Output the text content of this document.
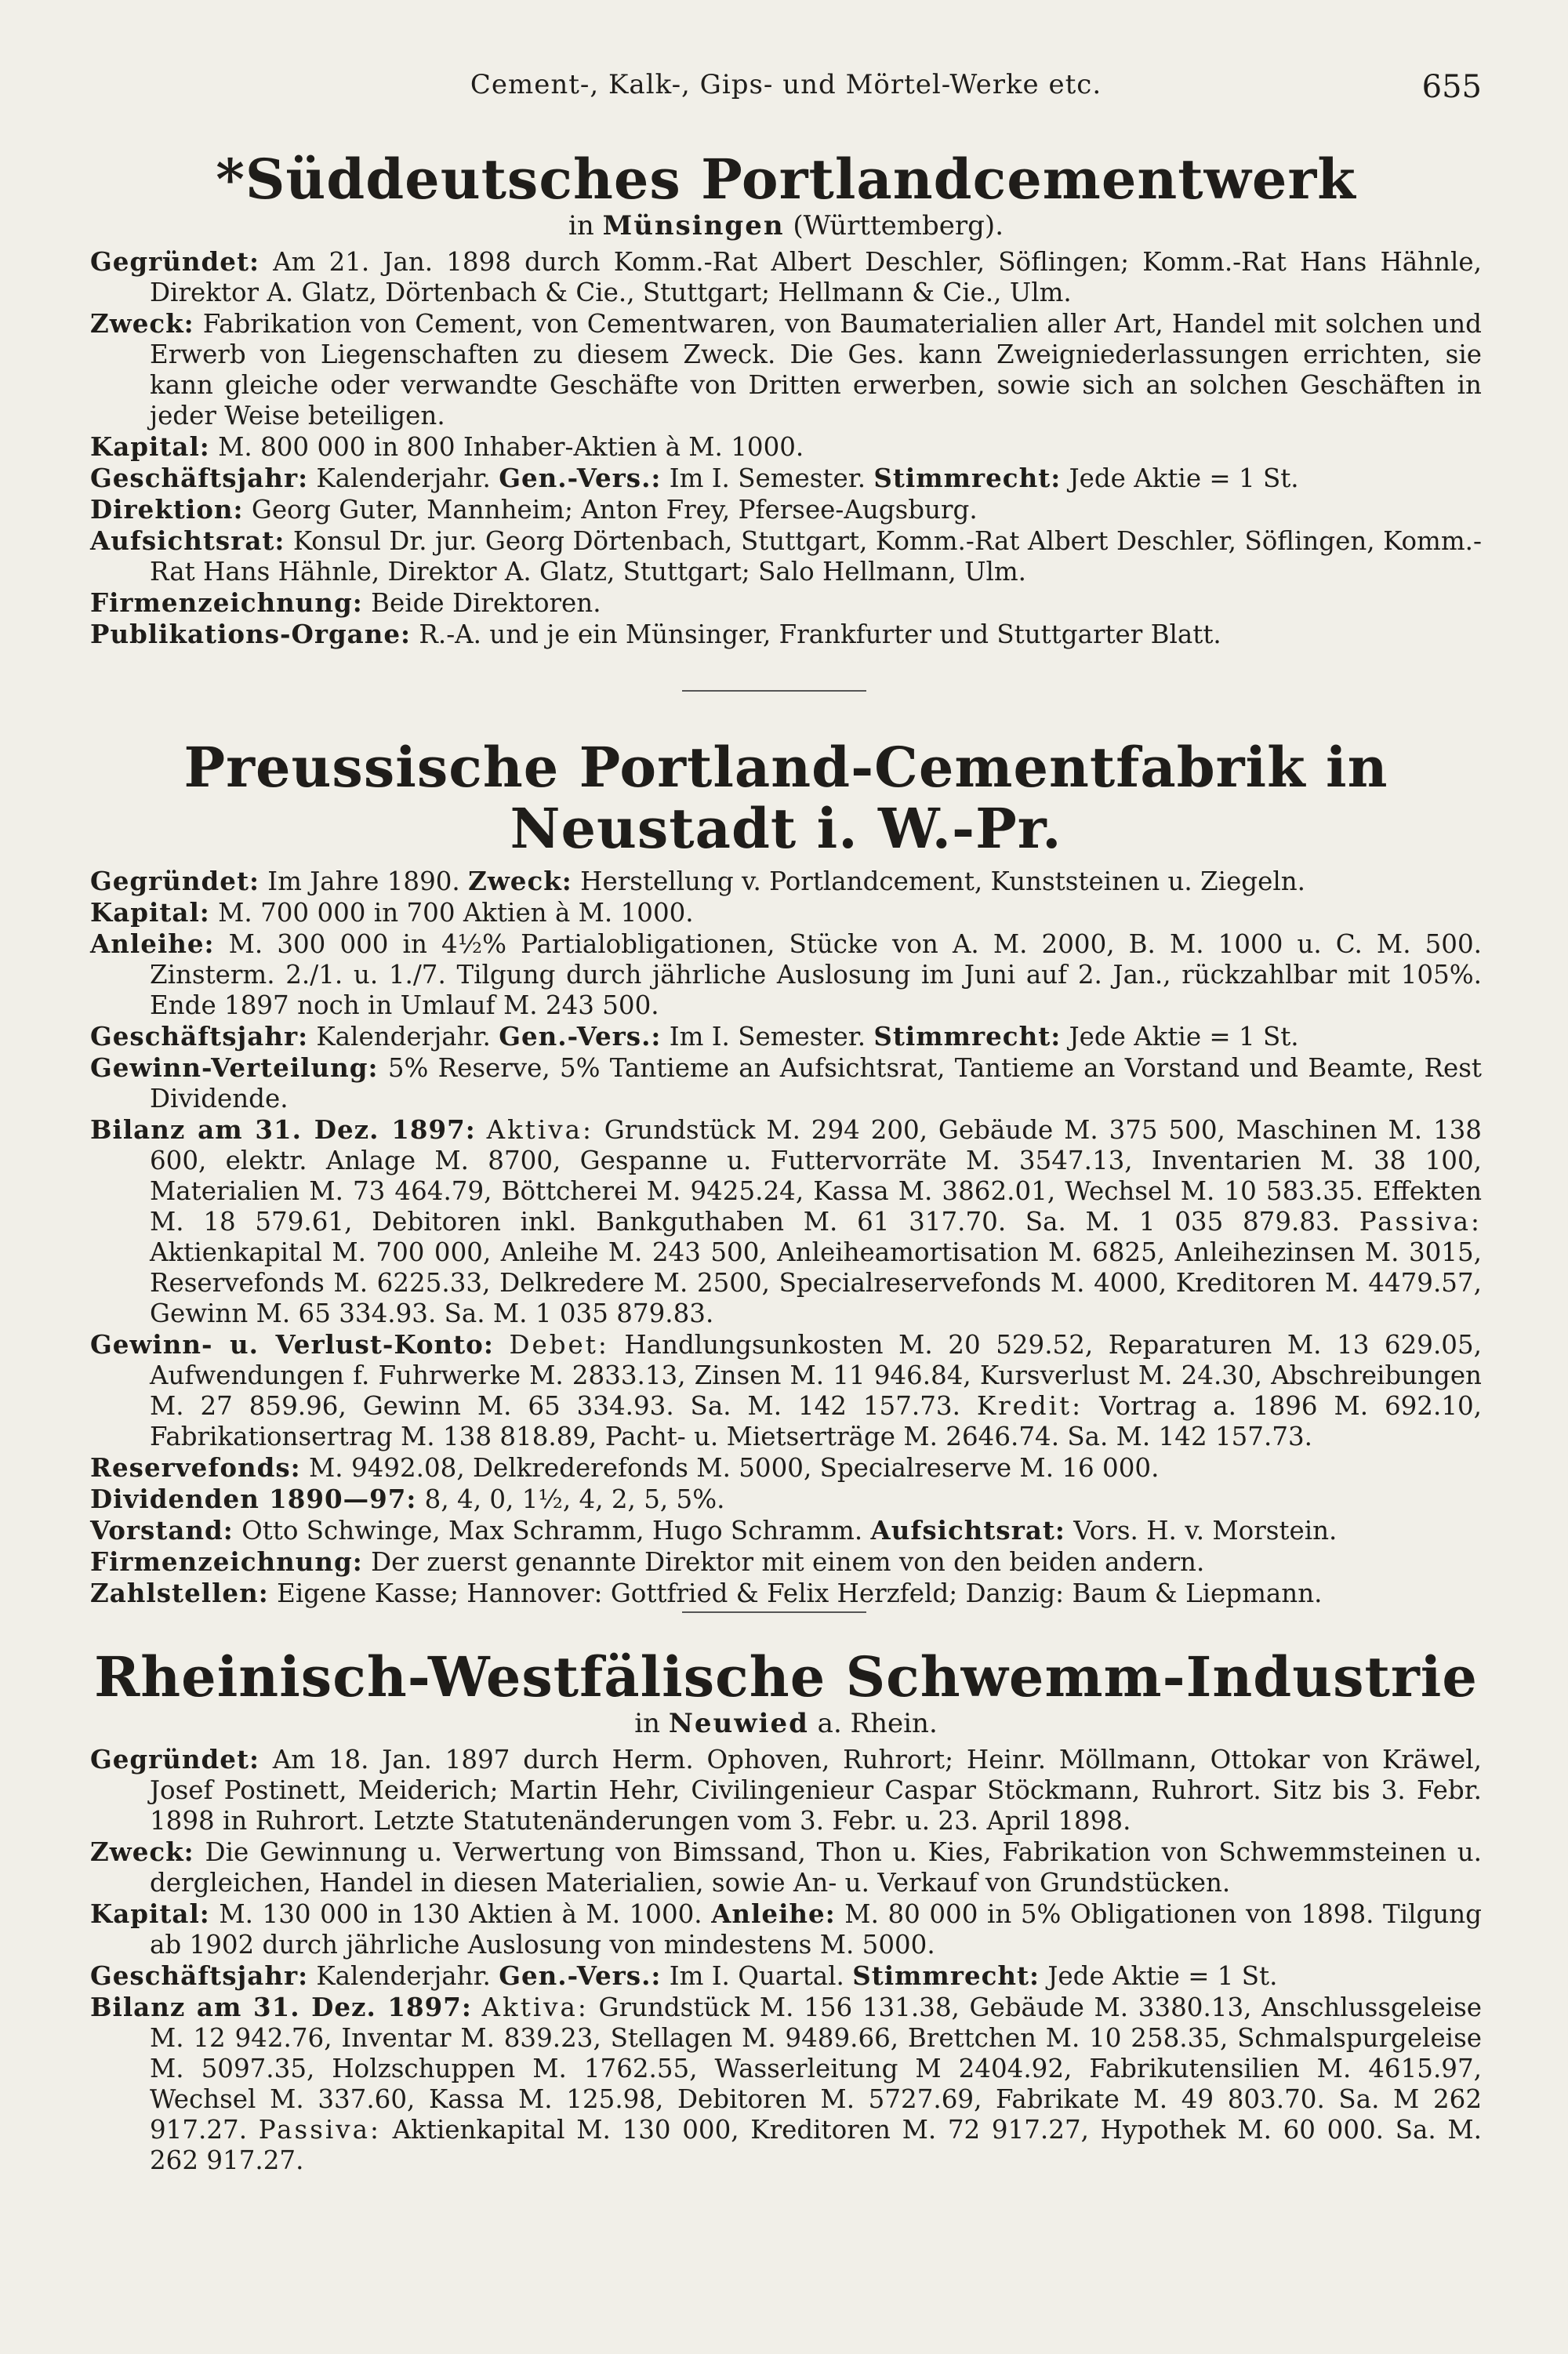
Cement-, Kalk-, Gips- und Mörtel-Werke etc.	655
*Süddeutsches Portlandcementwerk
in Münsingen (Württemberg).
Gegründet: Am 21. Jan. 1898 durch Komm.-Rat Albert Deschler, Söflingen; Komm.-Rat Hans Hähnle, Direktor A. Glatz, Dörtenbach & Cie., Stuttgart; Hellmann & Cie., Ulm.
Zweck: Fabrikation von Cement, von Cementwaren, von Baumaterialien aller Art, Handel mit solchen und Erwerb von Liegenschaften zu diesem Zweck. Die Ges. kann Zweigniederlassungen errichten, sie kann gleiche oder verwandte Geschäfte von Dritten erwerben, sowie sich an solchen Geschäften in jeder Weise beteiligen.
Kapital: M. 800 000 in 800 Inhaber-Aktien à M. 1000.
Geschäftsjahr: Kalenderjahr. Gen.-Vers.: Im I. Semester. Stimmrecht: Jede Aktie = 1 St.
Direktion: Georg Guter, Mannheim; Anton Frey, Pfersee-Augsburg.
Aufsichtsrat: Konsul Dr. jur. Georg Dörtenbach, Stuttgart, Komm.-Rat Albert Deschler, Söflingen, Komm.-Rat Hans Hähnle, Direktor A. Glatz, Stuttgart; Salo Hellmann, Ulm.
Firmenzeichnung: Beide Direktoren.
Publikations-Organe: R.-A. und je ein Münsinger, Frankfurter und Stuttgarter Blatt.
Preussische Portland-Cementfabrik in Neustadt i. W.-Pr.
Gegründet: Im Jahre 1890. Zweck: Herstellung v. Portlandcement, Kunststeinen u. Ziegeln.
Kapital: M. 700 000 in 700 Aktien à M. 1000.
Anleihe: M. 300 000 in 4½% Partialobligationen, Stücke von A. M. 2000, B. M. 1000 u. C. M. 500. Zinsterm. 2./1. u. 1./7. Tilgung durch jährliche Auslosung im Juni auf 2. Jan., rückzahlbar mit 105%. Ende 1897 noch in Umlauf M. 243 500.
Geschäftsjahr: Kalenderjahr. Gen.-Vers.: Im I. Semester. Stimmrecht: Jede Aktie = 1 St.
Gewinn-Verteilung: 5% Reserve, 5% Tantieme an Aufsichtsrat, Tantieme an Vorstand und Beamte, Rest Dividende.
Bilanz am 31. Dez. 1897: Aktiva: Grundstück M. 294 200, Gebäude M. 375 500, Maschinen M. 138 600, elektr. Anlage M. 8700, Gespanne u. Futtervorräte M. 3547.13, Inventarien M. 38 100, Materialien M. 73 464.79, Böttcherei M. 9425.24, Kassa M. 3862.01, Wechsel M. 10 583.35. Effekten M. 18 579.61, Debitoren inkl. Bankguthaben M. 61 317.70. Sa. M. 1 035 879.83. Passiva: Aktienkapital M. 700 000, Anleihe M. 243 500, Anleiheamortisation M. 6825, Anleihezinsen M. 3015, Reservefonds M. 6225.33, Delkredere M. 2500, Specialreservefonds M. 4000, Kreditoren M. 4479.57, Gewinn M. 65 334.93. Sa. M. 1 035 879.83.
Gewinn- u. Verlust-Konto: Debet: Handlungsunkosten M. 20 529.52, Reparaturen M. 13 629.05, Aufwendungen f. Fuhrwerke M. 2833.13, Zinsen M. 11 946.84, Kursverlust M. 24.30, Abschreibungen M. 27 859.96, Gewinn M. 65 334.93. Sa. M. 142 157.73. Kredit: Vortrag a. 1896 M. 692.10, Fabrikationsertrag M. 138 818.89, Pacht- u. Mietserträge M. 2646.74. Sa. M. 142 157.73.
Reservefonds: M. 9492.08, Delkrederefonds M. 5000, Specialreserve M. 16 000.
Dividenden 1890—97: 8, 4, 0, 1½, 4, 2, 5, 5%.
Vorstand: Otto Schwinge, Max Schramm, Hugo Schramm. Aufsichtsrat: Vors. H. v. Morstein.
Firmenzeichnung: Der zuerst genannte Direktor mit einem von den beiden andern.
Zahlstellen: Eigene Kasse; Hannover: Gottfried & Felix Herzfeld; Danzig: Baum & Liepmann.
Rheinisch-Westfälische Schwemm-Industrie
in Neuwied a. Rhein.
Gegründet: Am 18. Jan. 1897 durch Herm. Ophoven, Ruhrort; Heinr. Möllmann, Ottokar von Kräwel, Josef Postinett, Meiderich; Martin Hehr, Civilingenieur Caspar Stöckmann, Ruhrort. Sitz bis 3. Febr. 1898 in Ruhrort. Letzte Statutenänderungen vom 3. Febr. u. 23. April 1898.
Zweck: Die Gewinnung u. Verwertung von Bimssand, Thon u. Kies, Fabrikation von Schwemmsteinen u. dergleichen, Handel in diesen Materialien, sowie An- u. Verkauf von Grundstücken.
Kapital: M. 130 000 in 130 Aktien à M. 1000. Anleihe: M. 80 000 in 5% Obligationen von 1898. Tilgung ab 1902 durch jährliche Auslosung von mindestens M. 5000.
Geschäftsjahr: Kalenderjahr. Gen.-Vers.: Im I. Quartal. Stimmrecht: Jede Aktie = 1 St.
Bilanz am 31. Dez. 1897: Aktiva: Grundstück M. 156 131.38, Gebäude M. 3380.13, Anschlussgeleise M. 12 942.76, Inventar M. 839.23, Stellagen M. 9489.66, Brettchen M. 10 258.35, Schmalspurgeleise M. 5097.35, Holzschuppen M. 1762.55, Wasserleitung M 2404.92, Fabrikutensilien M. 4615.97, Wechsel M. 337.60, Kassa M. 125.98, Debitoren M. 5727.69, Fabrikate M. 49 803.70. Sa. M 262 917.27. Passiva: Aktienkapital M. 130 000, Kreditoren M. 72 917.27, Hypothek M. 60 000. Sa. M. 262 917.27.
